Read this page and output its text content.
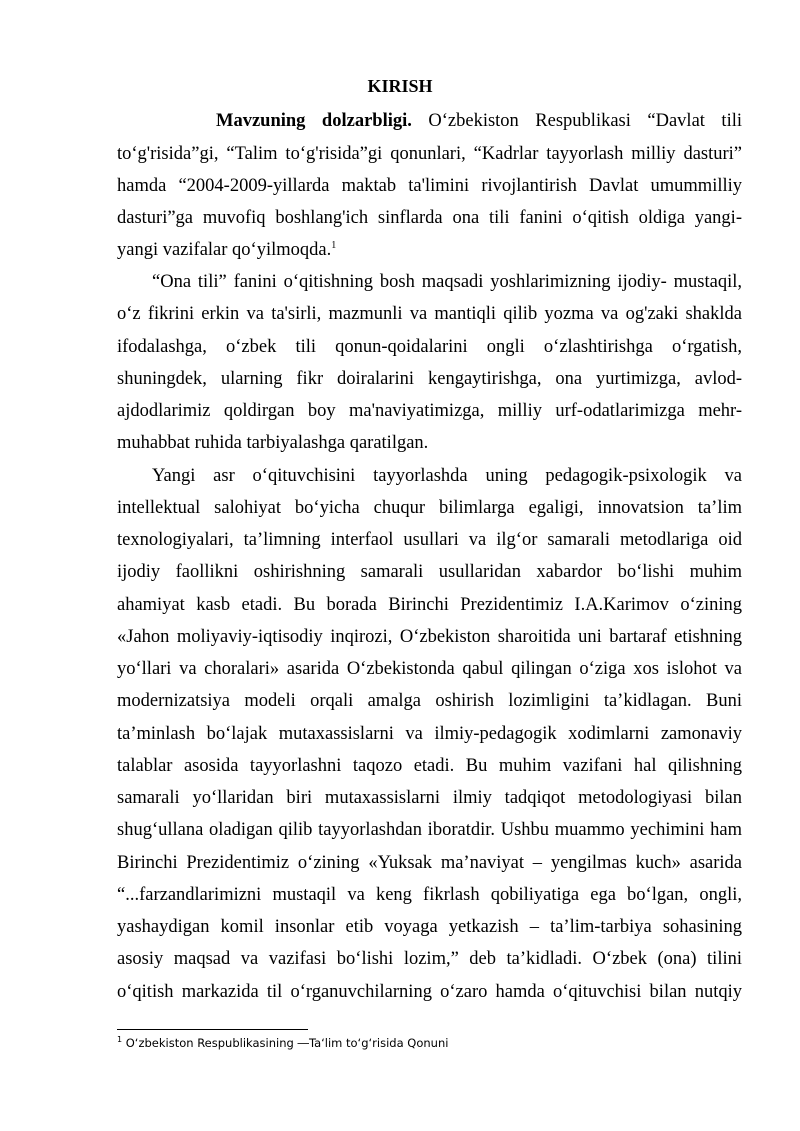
KIRISH

Mavzuning dolzarbligi. O‘zbekiston Respublikasi “Davlat tili

to‘g'risida”gi, “Talim to‘g'risida”gi qonunlari, “Kadrlar tayyorlash milliy dasturi”

hamda “2004-2009-yillarda maktab ta'limini rivojlantirish Davlat umummilliy

dasturi”ga muvofiq boshlang'ich sinflarda ona tili fanini o‘qitish oldiga yangi-

yangi vazifalar qo‘yilmoqda.$^1$

“Ona tili” fanini o‘qitishning bosh maqsadi yoshlarimizning ijodiy- mustaqil,

o‘z fikrini erkin va ta'sirli, mazmunli va mantiqli qilib yozma va og'zaki shaklda

ifodalashga, o‘zbek tili qonun-qoidalarini ongli o‘zlashtirishga o‘rgatish,

shuningdek, ularning fikr doiralarini kengaytirishga, ona yurtimizga, avlod-

ajdodlarimiz qoldirgan boy ma'naviyatimizga, milliy urf-odatlarimizga mehr-

muhabbat ruhida tarbiyalashga qaratilgan.

Yangi asr o‘qituvchisini tayyorlashda uning pedagogik-psixologik va

intellektual salohiyat bo‘yicha chuqur bilimlarga egaligi, innovatsion ta’lim

texnologiyalari, ta’limning interfaol usullari va ilg‘or samarali metodlariga oid

ijodiy faollikni oshirishning samarali usullaridan xabardor bo‘lishi muhim

ahamiyat kasb etadi. Bu borada Birinchi Prezidentimiz I.A.Karimov o‘zining

«Jahon moliyaviy-iqtisodiy inqirozi, O‘zbekiston sharoitida uni bartaraf etishning

yo‘llari va choralari» asarida O‘zbekistonda qabul qilingan o‘ziga xos islohot va

modernizatsiya modeli orqali amalga oshirish lozimligini ta’kidlagan. Buni

ta’minlash bo‘lajak mutaxassislarni va ilmiy-pedagogik xodimlarni zamonaviy

talablar asosida tayyorlashni taqozo etadi. Bu muhim vazifani hal qilishning

samarali yo‘llaridan biri mutaxassislarni ilmiy tadqiqot metodologiyasi bilan

shug‘ullana oladigan qilib tayyorlashdan iboratdir. Ushbu muammo yechimini ham

Birinchi Prezidentimiz o‘zining «Yuksak ma’naviyat – yengilmas kuch» asarida

“...farzandlarimizni mustaqil va keng fikrlash qobiliyatiga ega bo‘lgan, ongli,

yashaydigan komil insonlar etib voyaga yetkazish – ta’lim-tarbiya sohasining

asosiy maqsad va vazifasi bo‘lishi lozim,” deb ta’kidladi. O‘zbek (ona) tilini

o‘qitish markazida til o‘rganuvchilarning o‘zaro hamda o‘qituvchisi bilan nutqiy

$^1$ O‘zbekiston Respublikasining ―Ta‘lim to‘g‘risida Qonuni
